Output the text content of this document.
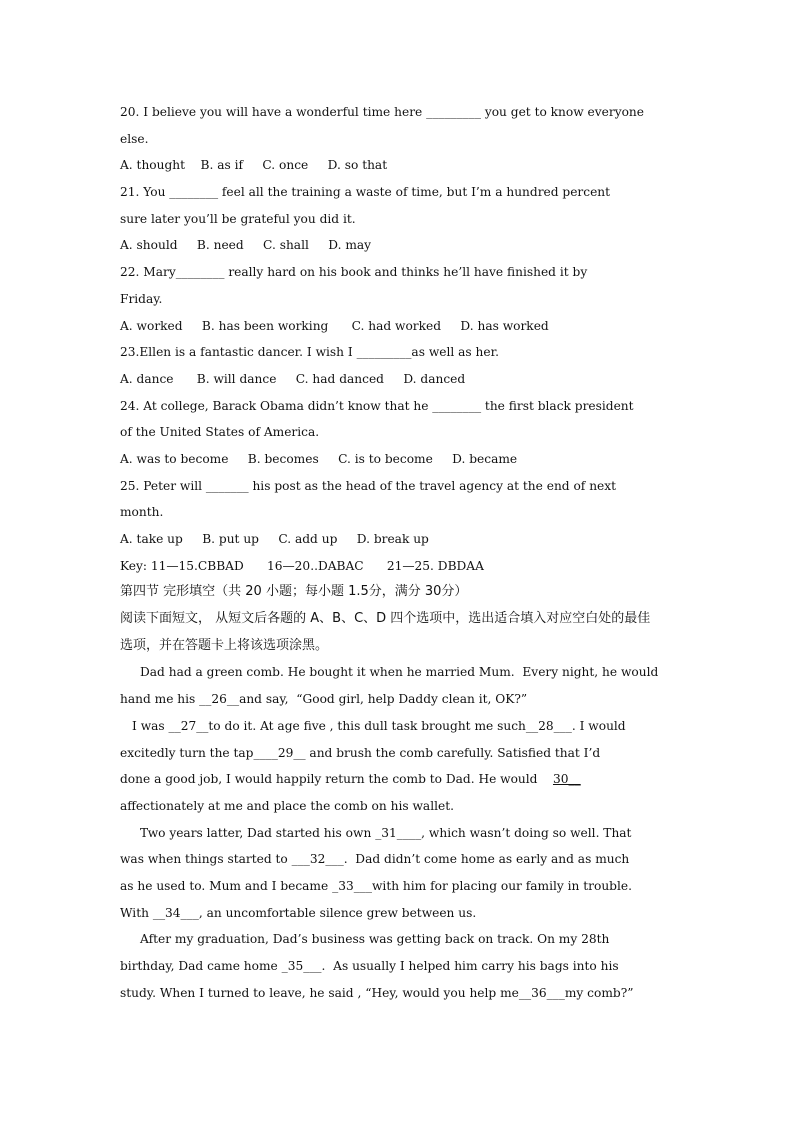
20. I believe you will have a wonderful time here _________ you get to know everyone
else.
A. thought    B. as if     C. once     D. so that
21. You ________ feel all the training a waste of time, but I’m a hundred percent
sure later you’ll be grateful you did it.
A. should     B. need     C. shall     D. may
22. Mary________ really hard on his book and thinks he’ll have finished it by
Friday.
A. worked     B. has been working      C. had worked     D. has worked
23.Ellen is a fantastic dancer. I wish I _________as well as her.
A. dance      B. will dance     C. had danced     D. danced
24. At college, Barack Obama didn’t know that he ________ the first black president
of the United States of America.
A. was to become     B. becomes     C. is to become     D. became
25. Peter will _______ his post as the head of the travel agency at the end of next
month.
A. take up     B. put up     C. add up     D. break up
Key: 11—15.CBBAD      16—20..DABAC      21—25. DBDAA
第四节 完形填空（共 20 小题；每小题 1.5分，满分 30分）
阅读下面短文， 从短文后各题的 A、B、C、D 四个选项中，选出适合填入对应空白处的最佳
选项，并在答题卡上将该选项涂黑。
Dad had a green comb. He bought it when he married Mum.  Every night, he would
hand me his __26__and say,  “Good girl, help Daddy clean it, OK?”
I was __27__to do it. At age five , this dull task brought me such__28___. I would
excitedly turn the tap____29__ and brush the comb carefully. Satisfied that I’d
done a good job, I would happily return the comb to Dad. He would    30__
affectionately at me and place the comb on his wallet.
Two years latter, Dad started his own _31____, which wasn’t doing so well. That
was when things started to ___32___.  Dad didn’t come home as early and as much
as he used to. Mum and I became _33___with him for placing our family in trouble.
With __34___, an uncomfortable silence grew between us.
After my graduation, Dad’s business was getting back on track. On my 28th
birthday, Dad came home _35___.  As usually I helped him carry his bags into his
study. When I turned to leave, he said , “Hey, would you help me__36___my comb?”
